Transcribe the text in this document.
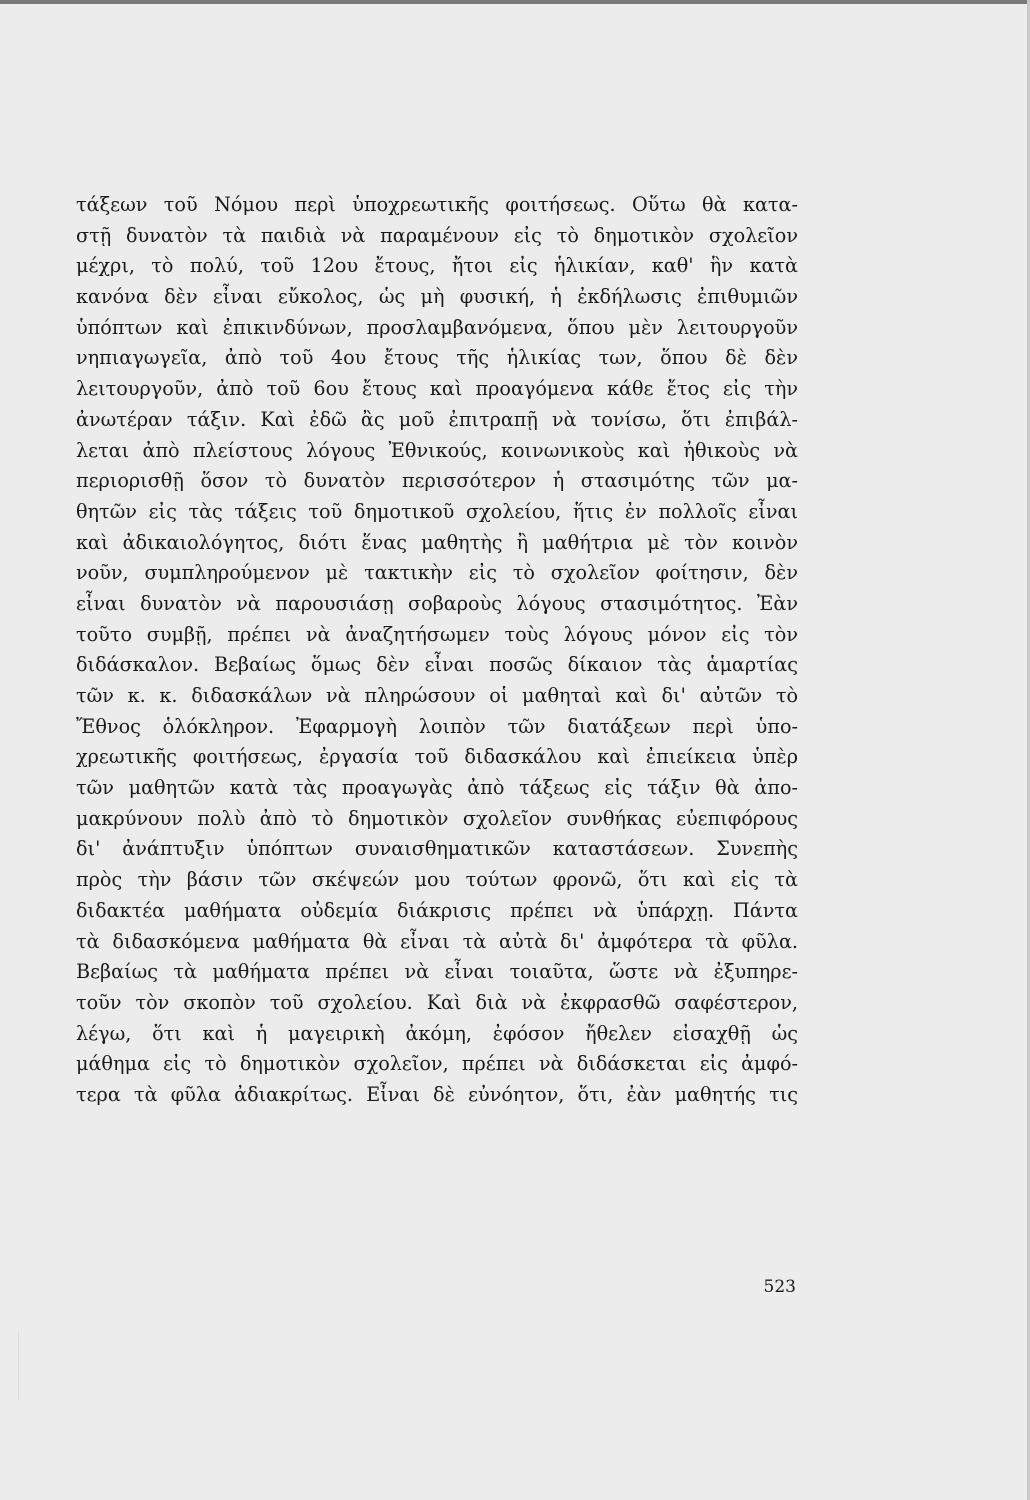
τάξεων τοῦ Νόμου περὶ ὑποχρεωτικῆς φοιτήσεως. Οὕτω θὰ κατα-
στῇ δυνατὸν τὰ παιδιὰ νὰ παραμένουν εἰς τὸ δημοτικὸν σχολεῖον
μέχρι, τὸ πολύ, τοῦ 12ου ἔτους, ἤτοι εἰς ἡλικίαν, καθ' ἣν κατὰ
κανόνα δὲν εἶναι εὔκολος, ὡς μὴ φυσική, ἡ ἐκδήλωσις ἐπιθυμιῶν
ὑπόπτων καὶ ἐπικινδύνων, προσλαμβανόμενα, ὅπου μὲν λειτουργοῦν
νηπιαγωγεῖα, ἀπὸ τοῦ 4ου ἔτους τῆς ἡλικίας των, ὅπου δὲ δὲν
λειτουργοῦν, ἀπὸ τοῦ 6ου ἔτους καὶ προαγόμενα κάθε ἔτος εἰς τὴν
ἀνωτέραν τάξιν. Καὶ ἐδῶ ἂς μοῦ ἐπιτραπῇ νὰ τονίσω, ὅτι ἐπιβάλ-
λεται ἀπὸ πλείστους λόγους Ἐθνικούς, κοινωνικοὺς καὶ ἠθικοὺς νὰ
περιορισθῇ ὅσον τὸ δυνατὸν περισσότερον ἡ στασιμότης τῶν μα-
θητῶν εἰς τὰς τάξεις τοῦ δημοτικοῦ σχολείου, ἥτις ἐν πολλοῖς εἶναι
καὶ ἀδικαιολόγητος, διότι ἕνας μαθητὴς ἢ μαθήτρια μὲ τὸν κοινὸν
νοῦν, συμπληρούμενον μὲ τακτικὴν εἰς τὸ σχολεῖον φοίτησιν, δὲν
εἶναι δυνατὸν νὰ παρουσιάσῃ σοβαροὺς λόγους στασιμότητος. Ἐὰν
τοῦτο συμβῇ, πρέπει νὰ ἀναζητήσωμεν τοὺς λόγους μόνον εἰς τὸν
διδάσκαλον. Βεβαίως ὅμως δὲν εἶναι ποσῶς δίκαιον τὰς ἁμαρτίας
τῶν κ. κ. διδασκάλων νὰ πληρώσουν οἱ μαθηταὶ καὶ δι' αὐτῶν τὸ
Ἔθνος ὁλόκληρον. Ἐφαρμογὴ λοιπὸν τῶν διατάξεων περὶ ὑπο-
χρεωτικῆς φοιτήσεως, ἐργασία τοῦ διδασκάλου καὶ ἐπιείκεια ὑπὲρ
τῶν μαθητῶν κατὰ τὰς προαγωγὰς ἀπὸ τάξεως εἰς τάξιν θὰ ἀπο-
μακρύνουν πολὺ ἀπὸ τὸ δημοτικὸν σχολεῖον συνθήκας εὐεπιφόρους
δι' ἀνάπτυξιν ὑπόπτων συναισθηματικῶν καταστάσεων. Συνεπὴς
πρὸς τὴν βάσιν τῶν σκέψεών μου τούτων φρονῶ, ὅτι καὶ εἰς τὰ
διδακτέα μαθήματα οὐδεμία διάκρισις πρέπει νὰ ὑπάρχῃ. Πάντα
τὰ διδασκόμενα μαθήματα θὰ εἶναι τὰ αὐτὰ δι' ἀμφότερα τὰ φῦλα.
Βεβαίως τὰ μαθήματα πρέπει νὰ εἶναι τοιαῦτα, ὥστε νὰ ἐξυπηρε-
τοῦν τὸν σκοπὸν τοῦ σχολείου. Καὶ διὰ νὰ ἐκφρασθῶ σαφέστερον,
λέγω, ὅτι καὶ ἡ μαγειρικὴ ἀκόμη, ἐφόσον ἤθελεν εἰσαχθῇ ὡς
μάθημα εἰς τὸ δημοτικὸν σχολεῖον, πρέπει νὰ διδάσκεται εἰς ἀμφό-
τερα τὰ φῦλα ἀδιακρίτως. Εἶναι δὲ εὐνόητον, ὅτι, ἐὰν μαθητής τις
523
